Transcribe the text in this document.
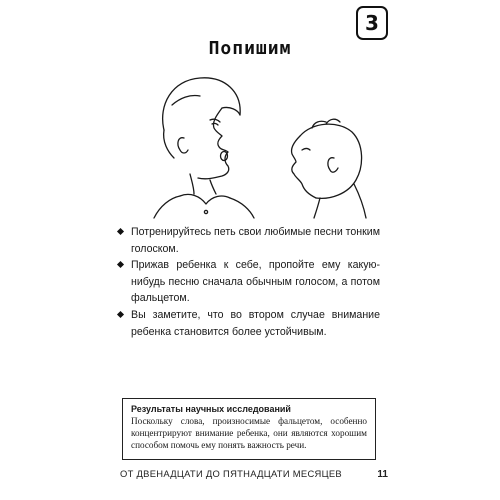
3
Попишим
Потренируйтесь петь свои любимые песни тонким голоском.
Прижав ребенка к себе, пропойте ему какую-нибудь песню сначала обычным голосом, а потом фальцетом.
Вы заметите, что во втором случае внимание ребенка становится более устойчивым.
Результаты научных исследований
Поскольку слова, произносимые фальцетом, особенно концентрируют внимание ребенка, они являются хорошим способом помочь ему понять важность речи.
ОТ ДВЕНАДЦАТИ ДО ПЯТНАДЦАТИ МЕСЯЦЕВ	11
